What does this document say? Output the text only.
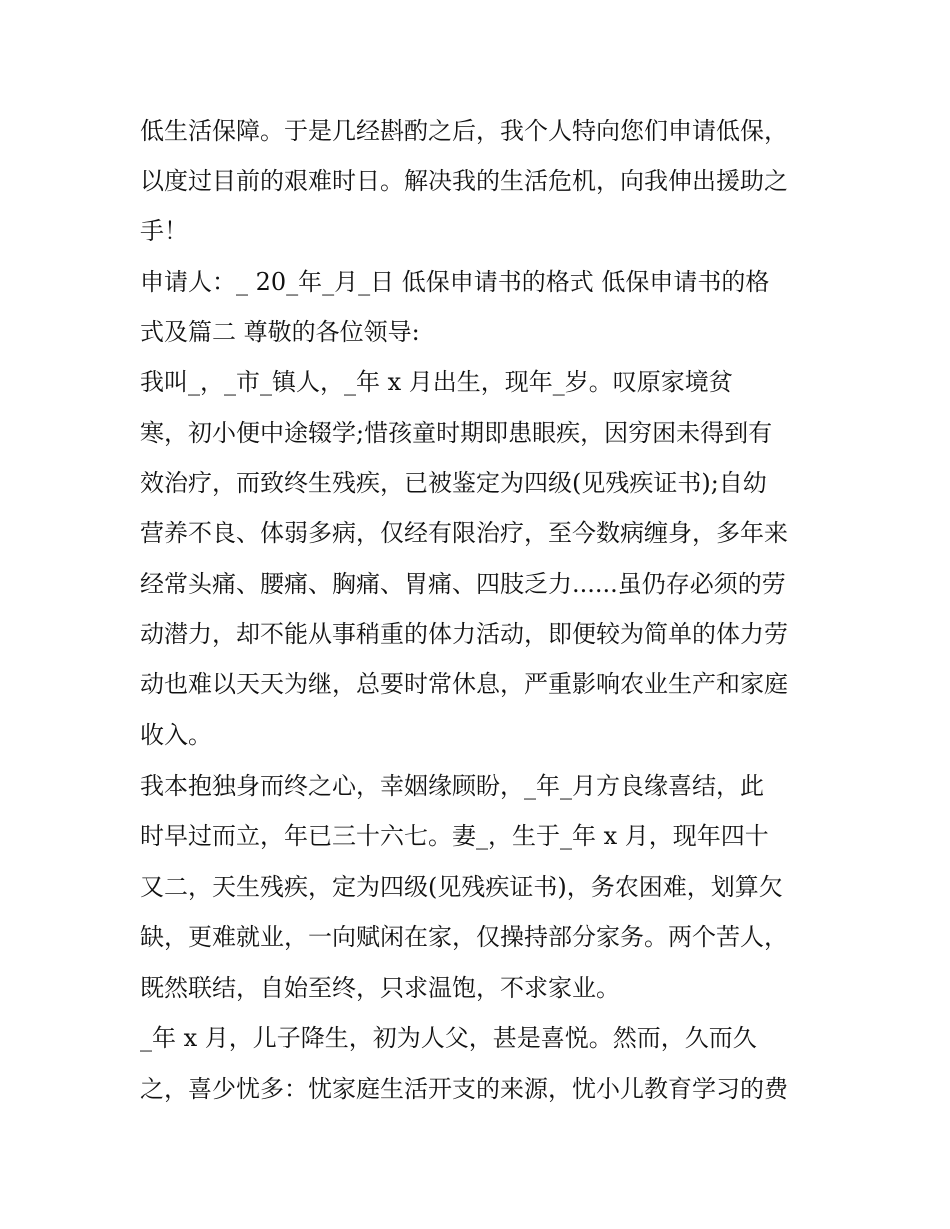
低生活保障。于是几经斟酌之后，我个人特向您们申请低保，
以度过目前的艰难时日。解决我的生活危机，向我伸出援助之
手！
申请人：_ 20_年_月_日 低保申请书的格式 低保申请书的格
式及篇二 尊敬的各位领导:
我叫_，_市_镇人，_年 x 月出生，现年_岁。叹原家境贫
寒，初小便中途辍学;惜孩童时期即患眼疾，因穷困未得到有
效治疗，而致终生残疾，已被鉴定为四级(见残疾证书);自幼
营养不良、体弱多病，仅经有限治疗，至今数病缠身，多年来
经常头痛、腰痛、胸痛、胃痛、四肢乏力......虽仍存必须的劳
动潜力，却不能从事稍重的体力活动，即便较为简单的体力劳
动也难以天天为继，总要时常休息，严重影响农业生产和家庭
收入。
我本抱独身而终之心，幸姻缘顾盼，_年_月方良缘喜结，此
时早过而立，年已三十六七。妻_，生于_年 x 月，现年四十
又二，天生残疾，定为四级(见残疾证书)，务农困难，划算欠
缺，更难就业，一向赋闲在家，仅操持部分家务。两个苦人，
既然联结，自始至终，只求温饱，不求家业。
_年 x 月，儿子降生，初为人父，甚是喜悦。然而，久而久
之，喜少忧多：忧家庭生活开支的来源，忧小儿教育学习的费
